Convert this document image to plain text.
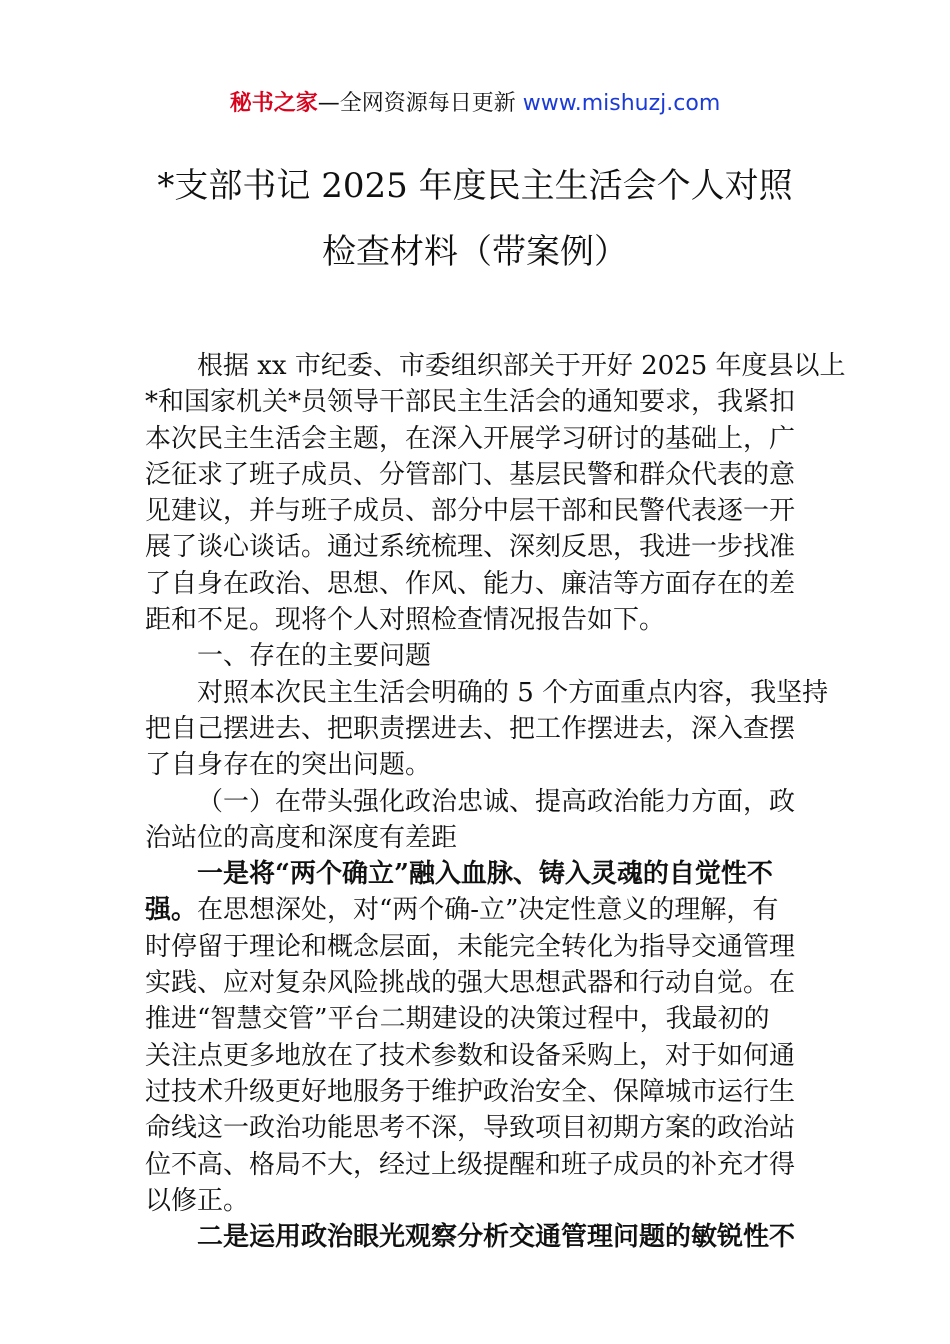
秘书之家—全网资源每日更新 www.mishuzj.com
*支部书记 2025 年度民主生活会个人对照
检查材料（带案例）
根据 xx 市纪委、市委组织部关于开好 2025 年度县以上
*和国家机关*员领导干部民主生活会的通知要求，我紧扣
本次民主生活会主题，在深入开展学习研讨的基础上，广
泛征求了班子成员、分管部门、基层民警和群众代表的意
见建议，并与班子成员、部分中层干部和民警代表逐一开
展了谈心谈话。通过系统梳理、深刻反思，我进一步找准
了自身在政治、思想、作风、能力、廉洁等方面存在的差
距和不足。现将个人对照检查情况报告如下。
一、存在的主要问题
对照本次民主生活会明确的 5 个方面重点内容，我坚持
把自己摆进去、把职责摆进去、把工作摆进去，深入查摆
了自身存在的突出问题。
（一）在带头强化政治忠诚、提高政治能力方面，政
治站位的高度和深度有差距
一是将“两个确立”融入血脉、铸入灵魂的自觉性不
强。在思想深处，对“两个确-立”决定性意义的理解，有
时停留于理论和概念层面，未能完全转化为指导交通管理
实践、应对复杂风险挑战的强大思想武器和行动自觉。在
推进“智慧交管”平台二期建设的决策过程中，我最初的
关注点更多地放在了技术参数和设备采购上，对于如何通
过技术升级更好地服务于维护政治安全、保障城市运行生
命线这一政治功能思考不深，导致项目初期方案的政治站
位不高、格局不大，经过上级提醒和班子成员的补充才得
以修正。
二是运用政治眼光观察分析交通管理问题的敏锐性不
